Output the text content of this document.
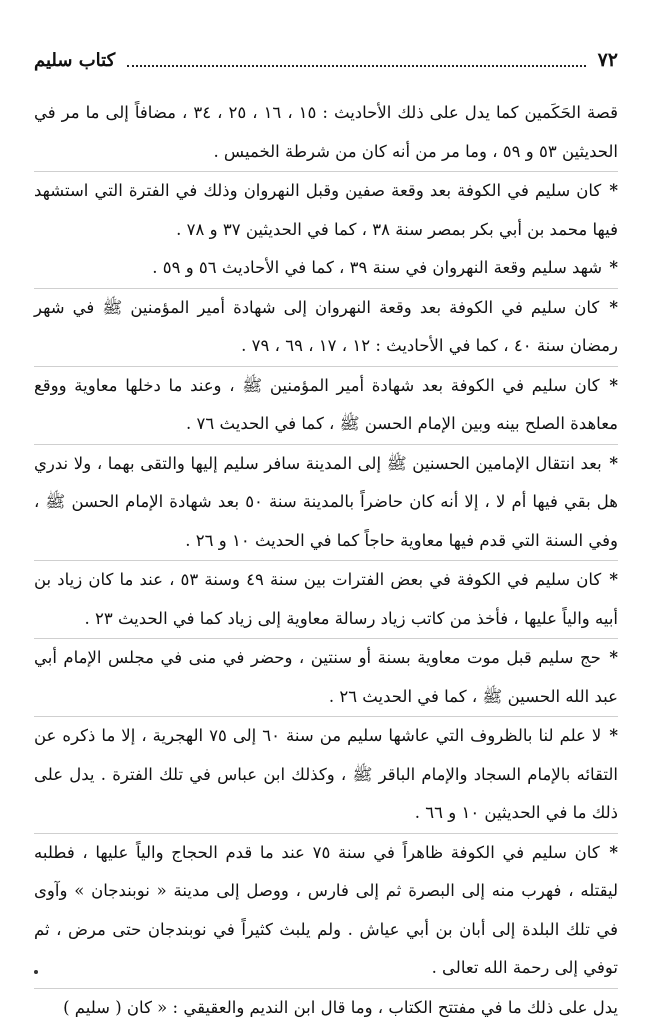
٧٢
كتاب سليم

قصة الحَكَمين كما يدل على ذلك الأحاديث : ١٥ ، ١٦ ، ٢٥ ، ٣٤ ، مضافاً إلى ما مر في الحديثين ٥٣ و ٥٩ ، وما مر من أنه كان من شرطة الخميس .

* كان سليم في الكوفة بعد وقعة صفين وقبل النهروان وذلك في الفترة التي استشهد فيها محمد بن أبي بكر بمصر سنة ٣٨ ، كما في الحديثين ٣٧ و ٧٨ .

* شهد سليم وقعة النهروان في سنة ٣٩ ، كما في الأحاديث ٥٦ و ٥٩ .

* كان سليم في الكوفة بعد وقعة النهروان إلى شهادة أمير المؤمنين ﷺ في شهر رمضان سنة ٤٠ ، كما في الأحاديث : ١٢ ، ١٧ ، ٦٩ ، ٧٩ .

* كان سليم في الكوفة بعد شهادة أمير المؤمنين ﷺ ، وعند ما دخلها معاوية ووقع معاهدة الصلح بينه وبين الإمام الحسن ﷺ ، كما في الحديث ٧٦ .

* بعد انتقال الإمامين الحسنين ﷺ إلى المدينة سافر سليم إليها والتقى بهما ، ولا ندري هل بقي فيها أم لا ، إلا أنه كان حاضراً بالمدينة سنة ٥٠ بعد شهادة الإمام الحسن ﷺ ، وفي السنة التي قدم فيها معاوية حاجاً كما في الحديث ١٠ و ٢٦ .

* كان سليم في الكوفة في بعض الفترات بين سنة ٤٩ وسنة ٥٣ ، عند ما كان زياد بن أبيه والياً عليها ، فأخذ من كاتب زياد رسالة معاوية إلى زياد كما في الحديث ٢٣ .

* حج سليم قبل موت معاوية بسنة أو سنتين ، وحضر في منى في مجلس الإمام أبي عبد الله الحسين ﷺ ، كما في الحديث ٢٦ .

* لا علم لنا بالظروف التي عاشها سليم من سنة ٦٠ إلى ٧٥ الهجرية ، إلا ما ذكره عن التقائه بالإمام السجاد والإمام الباقر ﷺ ، وكذلك ابن عباس في تلك الفترة . يدل على ذلك ما في الحديثين ١٠ و ٦٦ .

* كان سليم في الكوفة ظاهراً في سنة ٧٥ عند ما قدم الحجاج والياً عليها ، فطلبه ليقتله ، فهرب منه إلى البصرة ثم إلى فارس ، ووصل إلى مدينة « نوبندجان » وآوى في تلك البلدة إلى أبان بن أبي عياش . ولم يلبث كثيراً في نوبندجان حتى مرض ، ثم توفي إلى رحمة الله تعالى .

يدل على ذلك ما في مفتتح الكتاب ، وما قال ابن النديم والعقيقي : « كان ( سليم )
